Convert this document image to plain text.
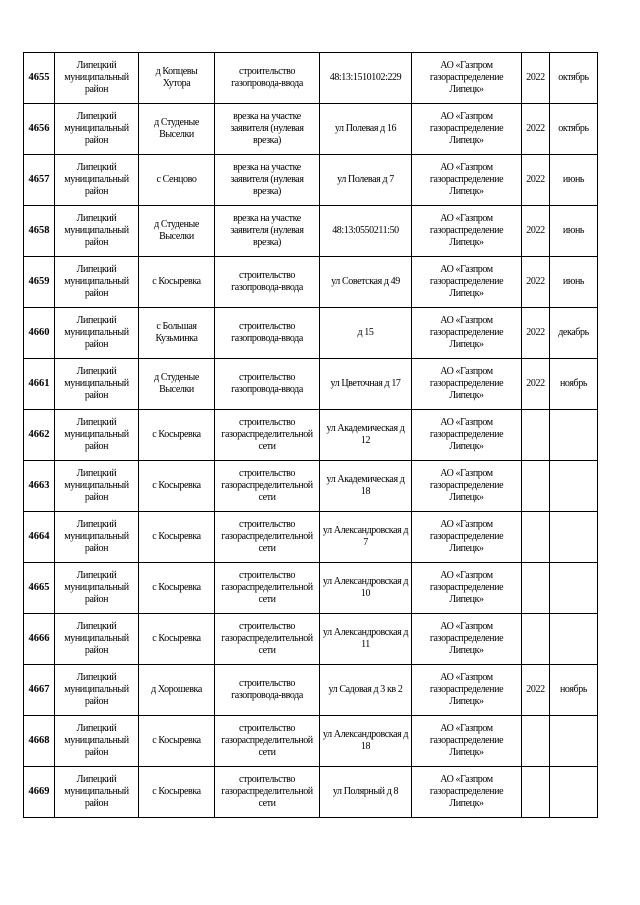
4655	Липецкий муниципальный район	д Копцевы Хутора	строительство газопровода-ввода	48:13:1510102:229	АО «Газпром газораспределение Липецк»	2022	октябрь
4656	Липецкий муниципальный район	д Студеные Выселки	врезка на участке заявителя (нулевая врезка)	ул Полевая д 16	АО «Газпром газораспределение Липецк»	2022	октябрь
4657	Липецкий муниципальный район	с Сенцово	врезка на участке заявителя (нулевая врезка)	ул Полевая д 7	АО «Газпром газораспределение Липецк»	2022	июнь
4658	Липецкий муниципальный район	д Студеные Выселки	врезка на участке заявителя (нулевая врезка)	48:13:0550211:50	АО «Газпром газораспределение Липецк»	2022	июнь
4659	Липецкий муниципальный район	с Косыревка	строительство газопровода-ввода	ул Советская д 49	АО «Газпром газораспределение Липецк»	2022	июнь
4660	Липецкий муниципальный район	с Большая Кузьминка	строительство газопровода-ввода	д 15	АО «Газпром газораспределение Липецк»	2022	декабрь
4661	Липецкий муниципальный район	д Студеные Выселки	строительство газопровода-ввода	ул Цветочная д 17	АО «Газпром газораспределение Липецк»	2022	ноябрь
4662	Липецкий муниципальный район	с Косыревка	строительство газораспределительной сети	ул Академическая д 12	АО «Газпром газораспределение Липецк»		
4663	Липецкий муниципальный район	с Косыревка	строительство газораспределительной сети	ул Академическая д 18	АО «Газпром газораспределение Липецк»		
4664	Липецкий муниципальный район	с Косыревка	строительство газораспределительной сети	ул Александровская д 7	АО «Газпром газораспределение Липецк»		
4665	Липецкий муниципальный район	с Косыревка	строительство газораспределительной сети	ул Александровская д 10	АО «Газпром газораспределение Липецк»		
4666	Липецкий муниципальный район	с Косыревка	строительство газораспределительной сети	ул Александровская д 11	АО «Газпром газораспределение Липецк»		
4667	Липецкий муниципальный район	д Хорошевка	строительство газопровода-ввода	ул Садовая д 3 кв 2	АО «Газпром газораспределение Липецк»	2022	ноябрь
4668	Липецкий муниципальный район	с Косыревка	строительство газораспределительной сети	ул Александровская д 18	АО «Газпром газораспределение Липецк»		
4669	Липецкий муниципальный район	с Косыревка	строительство газораспределительной сети	ул Полярный д 8	АО «Газпром газораспределение Липецк»		
